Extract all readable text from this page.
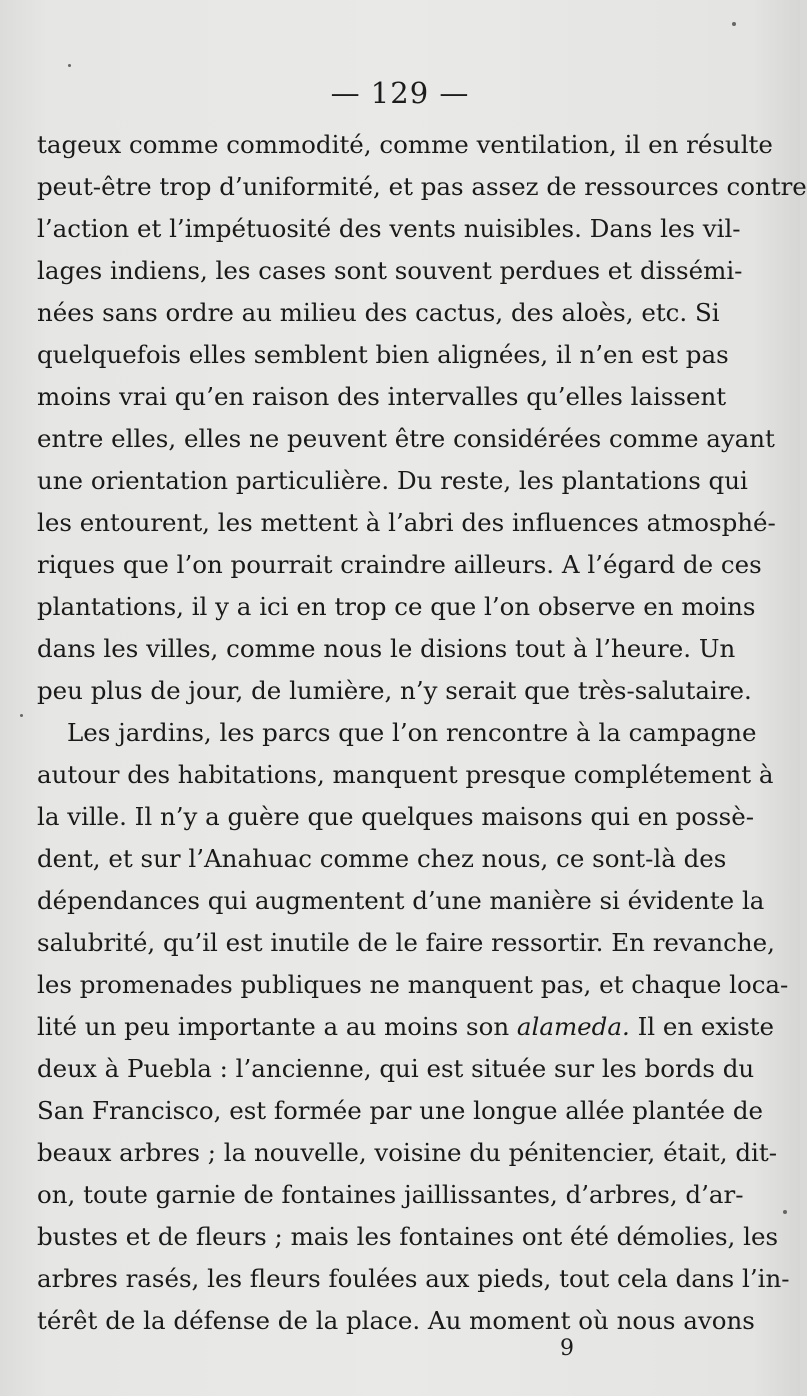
— 129 —
tageux comme commodité, comme ventilation, il en résulte
peut-être trop d’uniformité, et pas assez de ressources contre
l’action et l’impétuosité des vents nuisibles. Dans les vil-
lages indiens, les cases sont souvent perdues et dissémi-
nées sans ordre au milieu des cactus, des aloès, etc. Si
quelquefois elles semblent bien alignées, il n’en est pas
moins vrai qu’en raison des intervalles qu’elles laissent
entre elles, elles ne peuvent être considérées comme ayant
une orientation particulière. Du reste, les plantations qui
les entourent, les mettent à l’abri des influences atmosphé-
riques que l’on pourrait craindre ailleurs. A l’égard de ces
plantations, il y a ici en trop ce que l’on observe en moins
dans les villes, comme nous le disions tout à l’heure. Un
peu plus de jour, de lumière, n’y serait que très-salutaire.
Les jardins, les parcs que l’on rencontre à la campagne
autour des habitations, manquent presque complétement à
la ville. Il n’y a guère que quelques maisons qui en possè-
dent, et sur l’Anahuac comme chez nous, ce sont-là des
dépendances qui augmentent d’une manière si évidente la
salubrité, qu’il est inutile de le faire ressortir. En revanche,
les promenades publiques ne manquent pas, et chaque loca-
lité un peu importante a au moins son alameda. Il en existe
deux à Puebla : l’ancienne, qui est située sur les bords du
San Francisco, est formée par une longue allée plantée de
beaux arbres ; la nouvelle, voisine du pénitencier, était, dit-
on, toute garnie de fontaines jaillissantes, d’arbres, d’ar-
bustes et de fleurs ; mais les fontaines ont été démolies, les
arbres rasés, les fleurs foulées aux pieds, tout cela dans l’in-
térêt de la défense de la place. Au moment où nous avons
9
